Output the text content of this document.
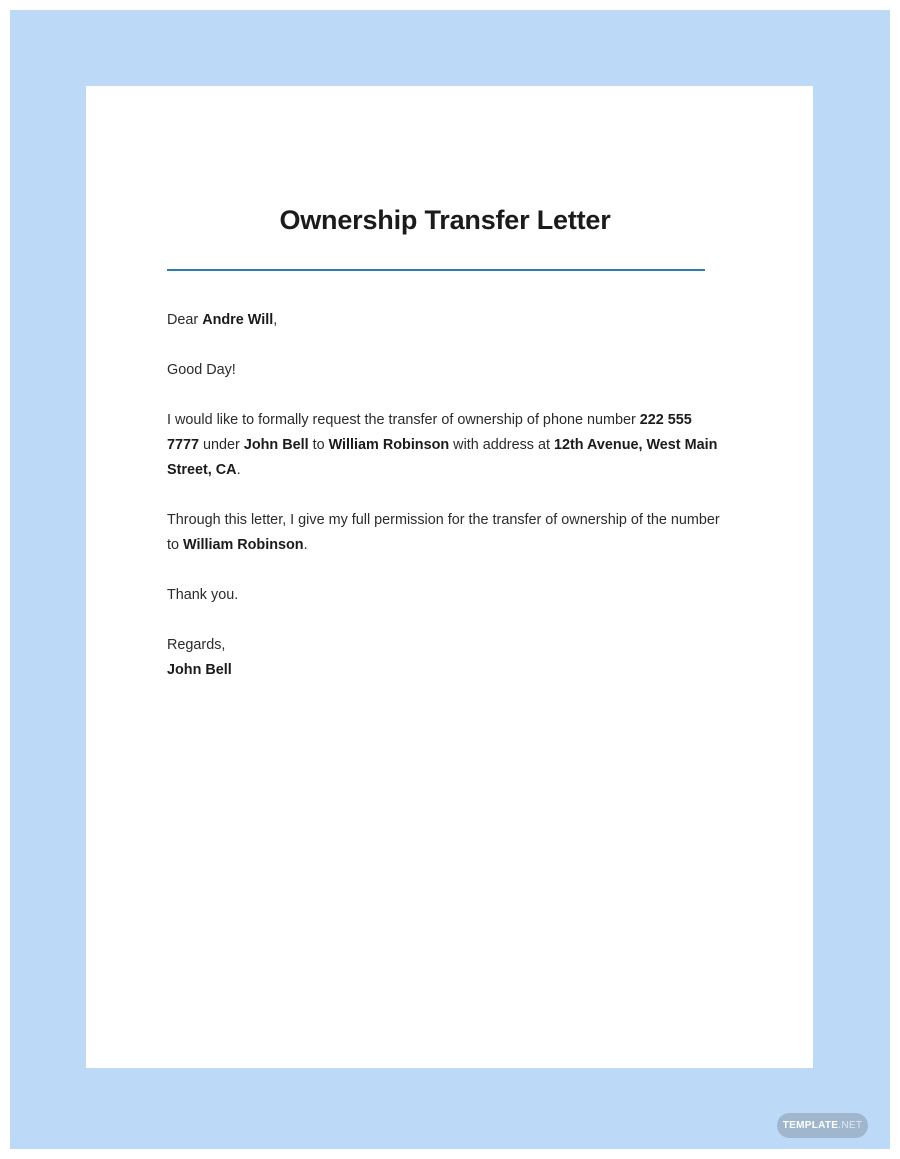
Ownership Transfer Letter

Dear Andre Will,

Good Day!

I would like to formally request the transfer of ownership of phone number 222 555 7777 under John Bell to William Robinson with address at 12th Avenue, West Main Street, CA.

Through this letter, I give my full permission for the transfer of ownership of the number to William Robinson.

Thank you.

Regards,
John Bell
TEMPLATE .NET
